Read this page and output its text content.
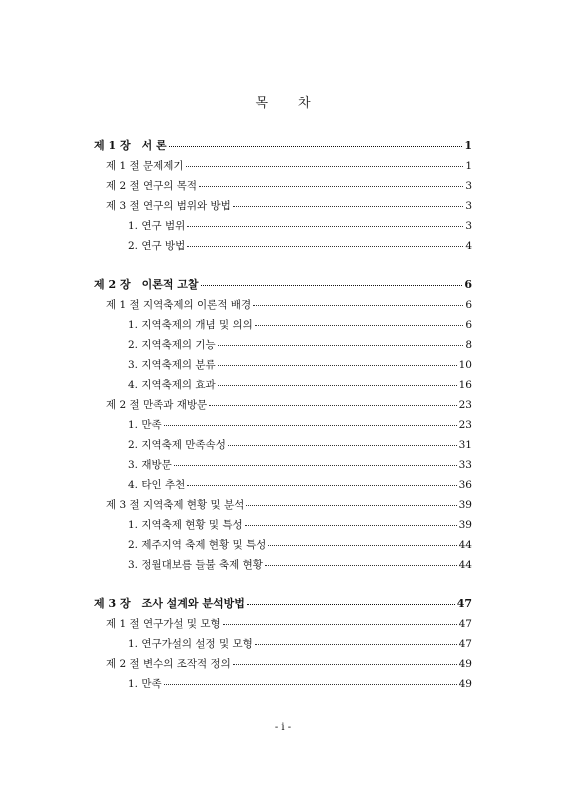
목 차
제 1 장　서 론	1
제 1 절 문제제기	1
제 2 절 연구의 목적	3
제 3 절 연구의 범위와 방법	3
1. 연구 범위	3
2. 연구 방법	4
제 2 장　이론적 고찰	6
제 1 절 지역축제의 이론적 배경	6
1. 지역축제의 개념 및 의의	6
2. 지역축제의 기능	8
3. 지역축제의 분류	10
4. 지역축제의 효과	16
제 2 절 만족과 재방문	23
1. 만족	23
2. 지역축제 만족속성	31
3. 재방문	33
4. 타인 추천	36
제 3 절 지역축제 현황 및 분석	39
1. 지역축제 현황 및 특성	39
2. 제주지역 축제 현황 및 특성	44
3. 정월대보름 들불 축제 현황	44
제 3 장　조사 설계와 분석방법	47
제 1 절 연구가설 및 모형	47
1. 연구가설의 설정 및 모형	47
제 2 절 변수의 조작적 정의	49
1. 만족	49
- i -
